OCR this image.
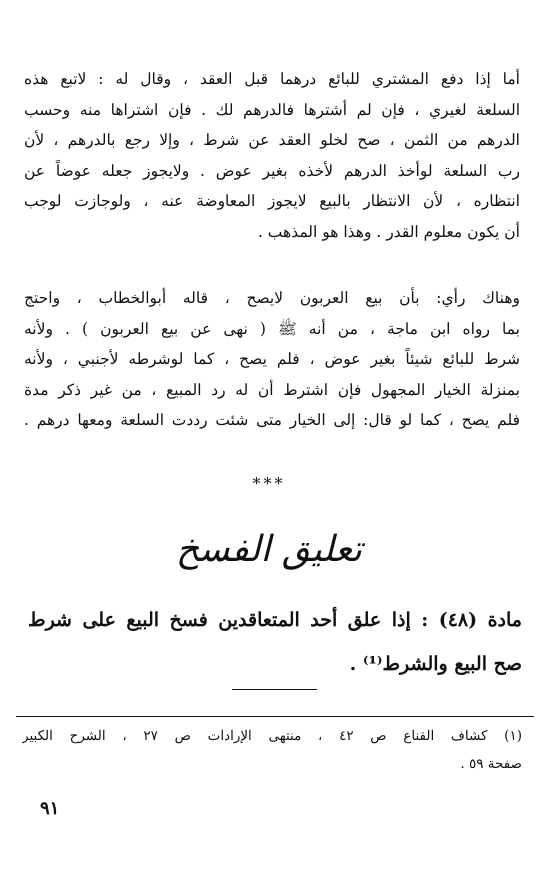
أما إذا دفع المشتري للبائع درهما قبل العقد ، وقال له : لاتبع هذه
السلعة لغيري ، فإن لم أشترها فالدرهم لك . فإن اشتراها منه وحسب
الدرهم من الثمن ، صح لخلو العقد عن شرط ، وإلا رجع بالدرهم ، لأن
رب السلعة لوأخذ الدرهم لأخذه بغير عوض . ولايجوز جعله عوضاً عن
انتظاره ، لأن الانتظار بالبيع لايجوز المعاوضة عنه ، ولوجازت لوجب
أن يكون معلوم القدر . وهذا هو المذهب .
وهناك رأي: بأن بيع العربون لايصح ، قاله أبوالخطاب ، واحتج
بما رواه ابن ماجة ، من أنه ﷺ ( نهى عن بيع العربون ) . ولأنه
شرط للبائع شيئاً بغير عوض ، فلم يصح ، كما لوشرطه لأجنبي ، ولأنه
بمنزلة الخيار المجهول فإن اشترط أن له رد المبيع ، من غير ذكر مدة
فلم يصح ، كما لو قال: إلى الخيار متى شئت رددت السلعة ومعها درهم .
***
تعليق الفسخ
مادة (٤٨) : إذا علق أحد المتعاقدين فسخ البيع على شرط
صح البيع والشرط⁽¹⁾ .
(١) كشاف القناع ص ٤٢ ، منتهى الإرادات ص ٢٧ ، الشرح الكبير
صفحة ٥٩ .
٩١
